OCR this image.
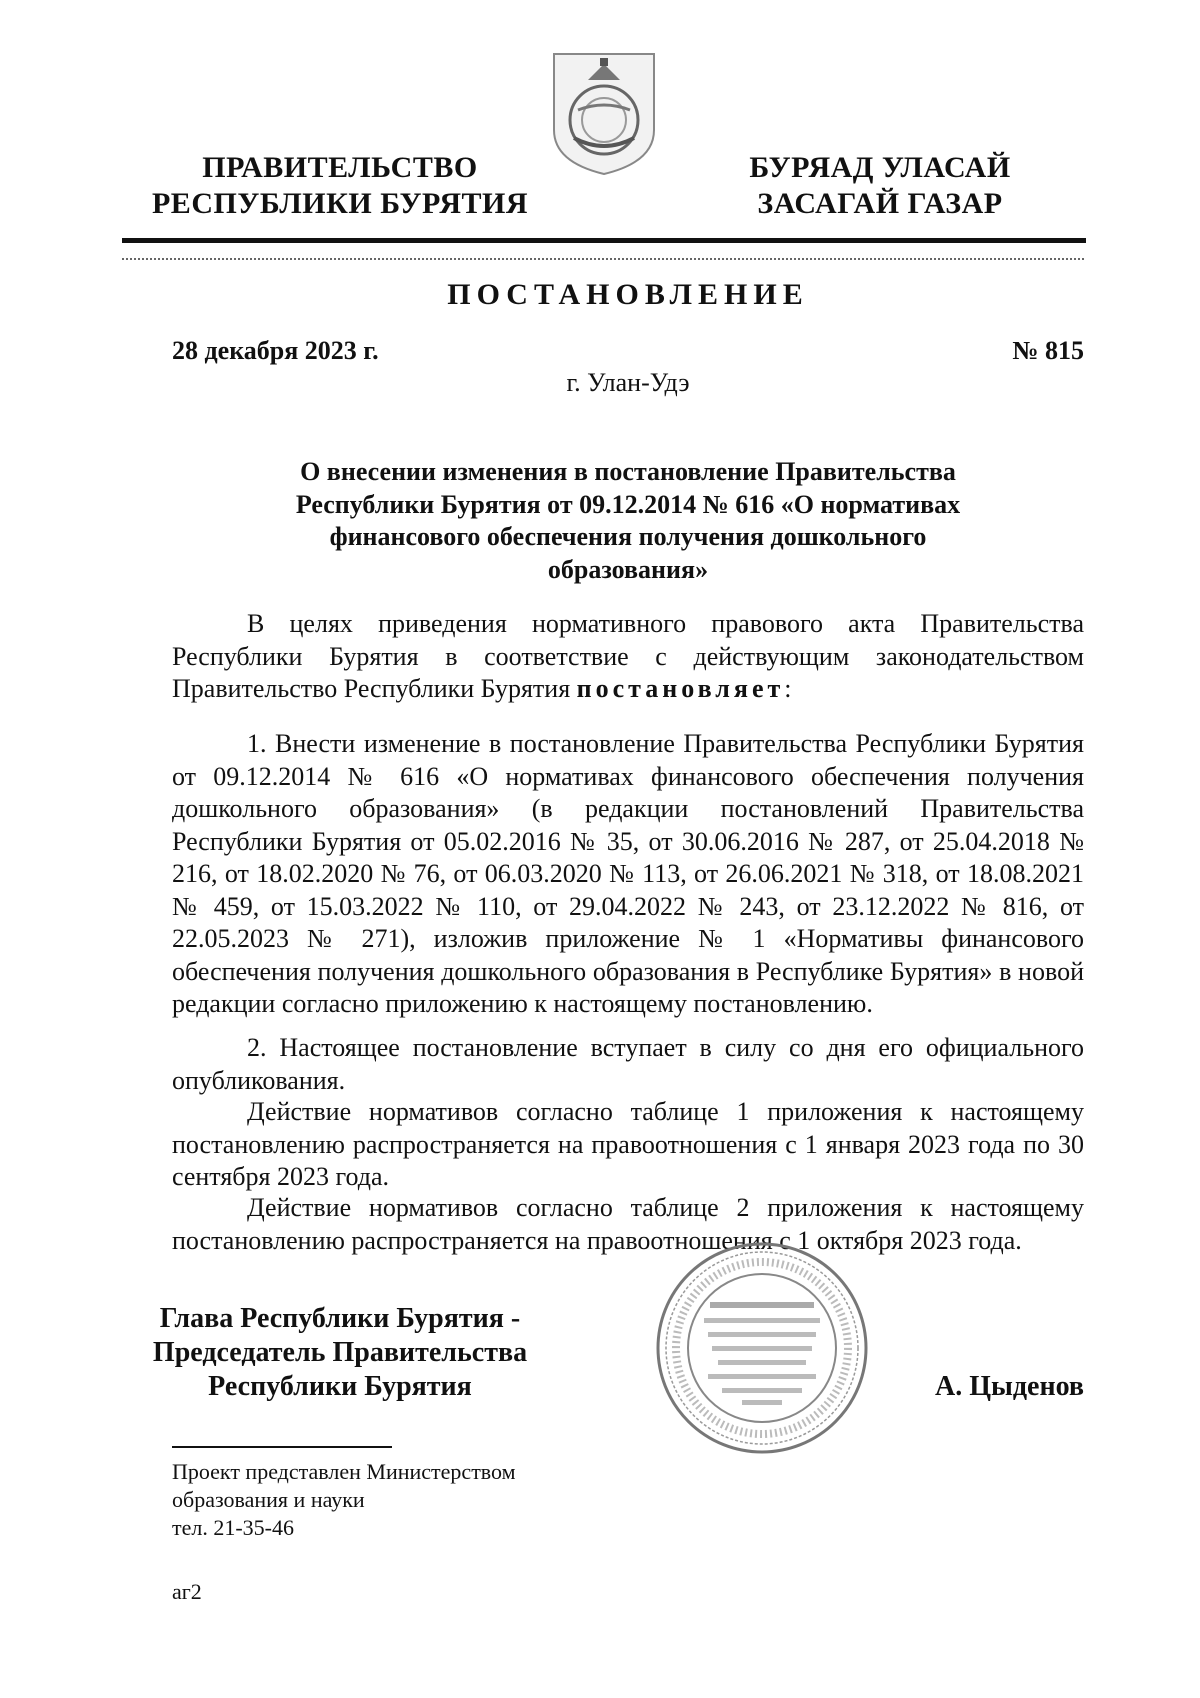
ПРАВИТЕЛЬСТВО
РЕСПУБЛИКИ БУРЯТИЯ
БУРЯАД УЛАСАЙ
ЗАСАГАЙ ГАЗАР
ПОСТАНОВЛЕНИЕ
28 декабря 2023 г.	№ 815
г. Улан-Удэ
О внесении изменения в постановление Правительства
Республики Бурятия от 09.12.2014 № 616 «О нормативах
финансового обеспечения получения дошкольного
образования»
В целях приведения нормативного правового акта Правительства Республики Бурятия в соответствие с действующим законодательством Правительство Республики Бурятия постановляет:
1. Внести изменение в постановление Правительства Республики Бурятия от 09.12.2014 № 616 «О нормативах финансового обеспечения получения дошкольного образования» (в редакции постановлений Правительства Республики Бурятия от 05.02.2016 № 35, от 30.06.2016 № 287, от 25.04.2018 № 216, от 18.02.2020 № 76, от 06.03.2020 № 113, от 26.06.2021 № 318, от 18.08.2021 № 459, от 15.03.2022 № 110, от 29.04.2022 № 243, от 23.12.2022 № 816, от 22.05.2023 № 271), изложив приложение № 1 «Нормативы финансового обеспечения получения дошкольного образования в Республике Бурятия» в новой редакции согласно приложению к настоящему постановлению.
2. Настоящее постановление вступает в силу со дня его официального опубликования.
Действие нормативов согласно таблице 1 приложения к настоящему постановлению распространяется на правоотношения с 1 января 2023 года по 30 сентября 2023 года.
Действие нормативов согласно таблице 2 приложения к настоящему постановлению распространяется на правоотношения с 1 октября 2023 года.
Глава Республики Бурятия -
Председатель Правительства
Республики Бурятия	А. Цыденов
Проект представлен Министерством
образования и науки
тел. 21-35-46
аг2
